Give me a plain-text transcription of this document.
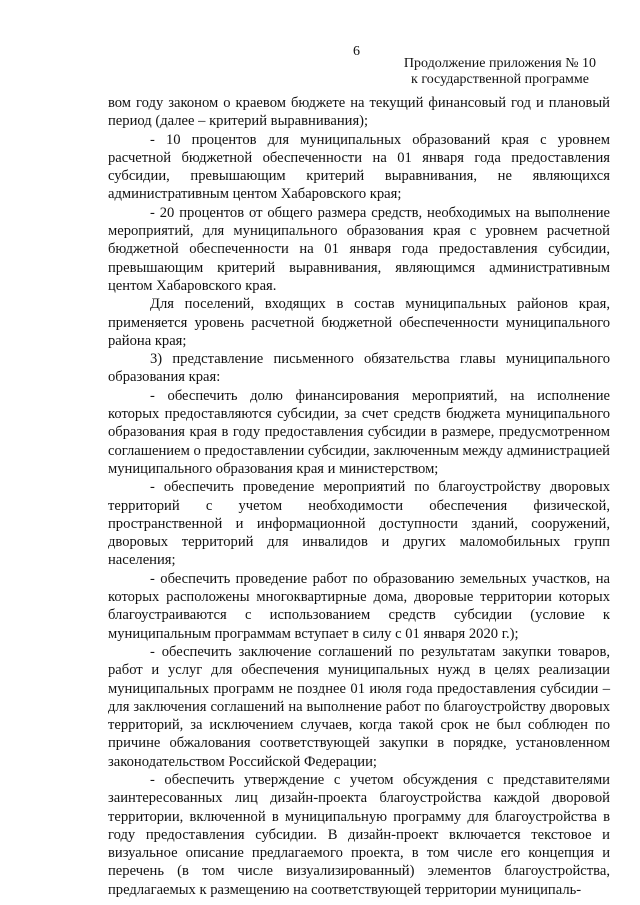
6
Продолжение приложения № 10
к государственной программе

вом году законом о краевом бюджете на текущий финансовый год и плановый период (далее – критерий выравнивания);

- 10 процентов для муниципальных образований края с уровнем расчетной бюджетной обеспеченности на 01 января года предоставления субсидии, превышающим критерий выравнивания, не являющихся административным центом Хабаровского края;

- 20 процентов от общего размера средств, необходимых на выполнение мероприятий, для муниципального образования края с уровнем расчетной бюджетной обеспеченности на 01 января года предоставления субсидии, превышающим критерий выравнивания, являющимся административным центом Хабаровского края.

Для поселений, входящих в состав муниципальных районов края, применяется уровень расчетной бюджетной обеспеченности муниципального района края;

3) представление письменного обязательства главы муниципального образования края:

- обеспечить долю финансирования мероприятий, на исполнение которых предоставляются субсидии, за счет средств бюджета муниципального образования края в году предоставления субсидии в размере, предусмотренном соглашением о предоставлении субсидии, заключенным между администрацией муниципального образования края и министерством;

- обеспечить проведение мероприятий по благоустройству дворовых территорий с учетом необходимости обеспечения физической, пространственной и информационной доступности зданий, сооружений, дворовых территорий для инвалидов и других маломобильных групп населения;

- обеспечить проведение работ по образованию земельных участков, на которых расположены многоквартирные дома, дворовые территории которых благоустраиваются с использованием средств субсидии (условие к муниципальным программам вступает в силу с 01 января 2020 г.);

- обеспечить заключение соглашений по результатам закупки товаров, работ и услуг для обеспечения муниципальных нужд в целях реализации муниципальных программ не позднее 01 июля года предоставления субсидии – для заключения соглашений на выполнение работ по благоустройству дворовых территорий, за исключением случаев, когда такой срок не был соблюден по причине обжалования соответствующей закупки в порядке, установленном законодательством Российской Федерации;

- обеспечить утверждение с учетом обсуждения с представителями заинтересованных лиц дизайн-проекта благоустройства каждой дворовой территории, включенной в муниципальную программу для благоустройства в году предоставления субсидии. В дизайн-проект включается текстовое и визуальное описание предлагаемого проекта, в том числе его концепция и перечень (в том числе визуализированный) элементов благоустройства, предлагаемых к размещению на соответствующей территории муниципаль-
